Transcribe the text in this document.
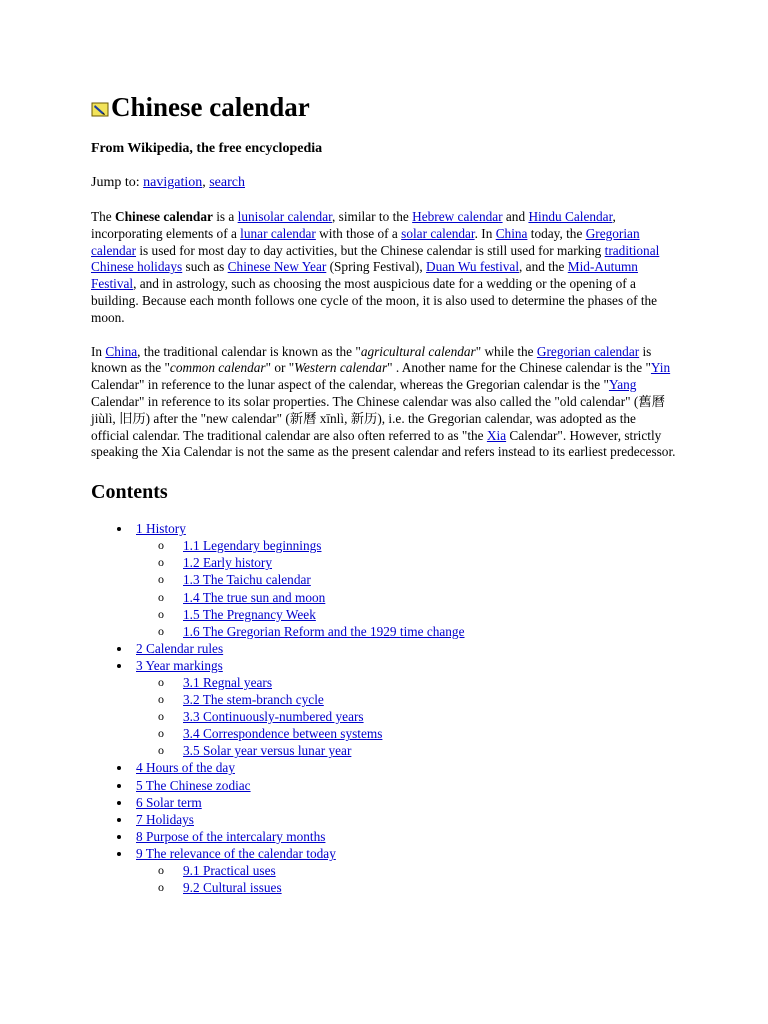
Chinese calendar

From Wikipedia, the free encyclopedia

Jump to: navigation, search

The Chinese calendar is a lunisolar calendar, similar to the Hebrew calendar and Hindu Calendar, incorporating elements of a lunar calendar with those of a solar calendar. In China today, the Gregorian calendar is used for most day to day activities, but the Chinese calendar is still used for marking traditional Chinese holidays such as Chinese New Year (Spring Festival), Duan Wu festival, and the Mid-Autumn Festival, and in astrology, such as choosing the most auspicious date for a wedding or the opening of a building. Because each month follows one cycle of the moon, it is also used to determine the phases of the moon.

In China, the traditional calendar is known as the "agricultural calendar" while the Gregorian calendar is known as the "common calendar" or "Western calendar" . Another name for the Chinese calendar is the "Yin Calendar" in reference to the lunar aspect of the calendar, whereas the Gregorian calendar is the "Yang Calendar" in reference to its solar properties. The Chinese calendar was also called the "old calendar" (舊曆 jiùlì, 旧历) after the "new calendar" (新曆 xīnlì, 新历), i.e. the Gregorian calendar, was adopted as the official calendar. The traditional calendar are also often referred to as "the Xia Calendar". However, strictly speaking the Xia Calendar is not the same as the present calendar and refers instead to its earliest predecessor.

Contents
1 History
o 1.1 Legendary beginnings
o 1.2 Early history
o 1.3 The Taichu calendar
o 1.4 The true sun and moon
o 1.5 The Pregnancy Week
o 1.6 The Gregorian Reform and the 1929 time change
2 Calendar rules
3 Year markings
o 3.1 Regnal years
o 3.2 The stem-branch cycle
o 3.3 Continuously-numbered years
o 3.4 Correspondence between systems
o 3.5 Solar year versus lunar year
4 Hours of the day
5 The Chinese zodiac
6 Solar term
7 Holidays
8 Purpose of the intercalary months
9 The relevance of the calendar today
o 9.1 Practical uses
o 9.2 Cultural issues
